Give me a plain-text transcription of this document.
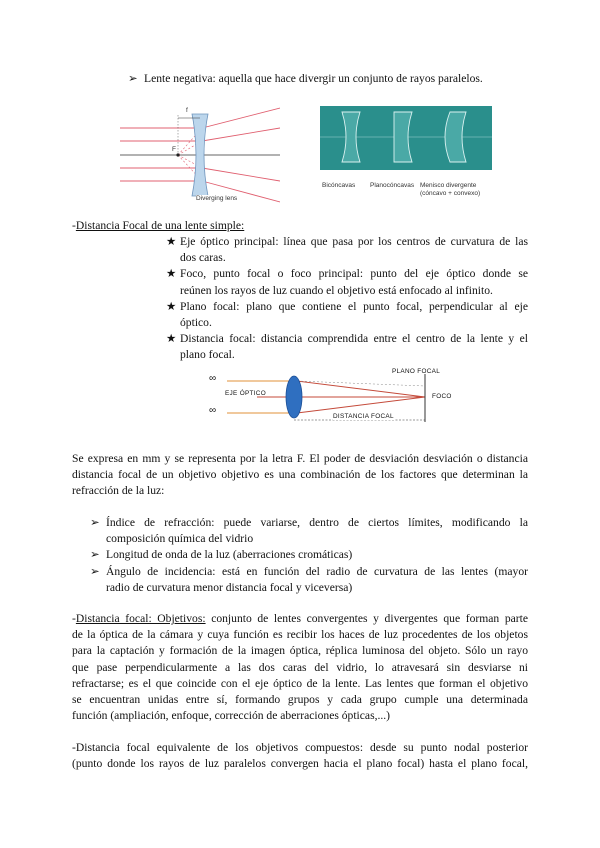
➢ Lente negativa: aquella que hace divergir un conjunto de rayos paralelos.
F
f
Diverging lens
Bicóncavas Planocóncavas Menisco divergente
(cóncavo + convexo)
-Distancia Focal de una lente simple:
★ Eje óptico principal: línea que pasa por los centros de curvatura de las
dos caras.
★ Foco, punto focal o foco principal: punto del eje óptico donde se
reúnen los rayos de luz cuando el objetivo está enfocado al infinito.
★ Plano focal: plano que contiene el punto focal, perpendicular al eje
óptico.
★ Distancia focal: distancia comprendida entre el centro de la lente y el
plano focal.
∞
∞
PLANO FOCAL
EJE ÓPTICO	FOCO
DISTANCIA FOCAL
Se expresa en mm y se representa por la letra F. El poder de desviación desviación o distancia
distancia focal de un objetivo objetivo es una combinación de los factores que determinan la
refracción de la luz:
➢ Índice de refracción: puede variarse, dentro de ciertos límites, modificando la
composición química del vidrio
➢ Longitud de onda de la luz (aberraciones cromáticas)
➢ Ángulo de incidencia: está en función del radio de curvatura de las lentes (mayor
radio de curvatura menor distancia focal y viceversa)
-Distancia focal: Objetivos: conjunto de lentes convergentes y divergentes que forman parte
de la óptica de la cámara y cuya función es recibir los haces de luz procedentes de los objetos
para la captación y formación de la imagen óptica, réplica luminosa del objeto. Sólo un rayo
que pase perpendicularmente a las dos caras del vidrio, lo atravesará sin desviarse ni
refractarse; es el que coincide con el eje óptico de la lente. Las lentes que forman el objetivo
se encuentran unidas entre sí, formando grupos y cada grupo cumple una determinada
función (ampliación, enfoque, corrección de aberraciones ópticas,...)
-Distancia focal equivalente de los objetivos compuestos: desde su punto nodal posterior
(punto donde los rayos de luz paralelos convergen hacia el plano focal) hasta el plano focal,
